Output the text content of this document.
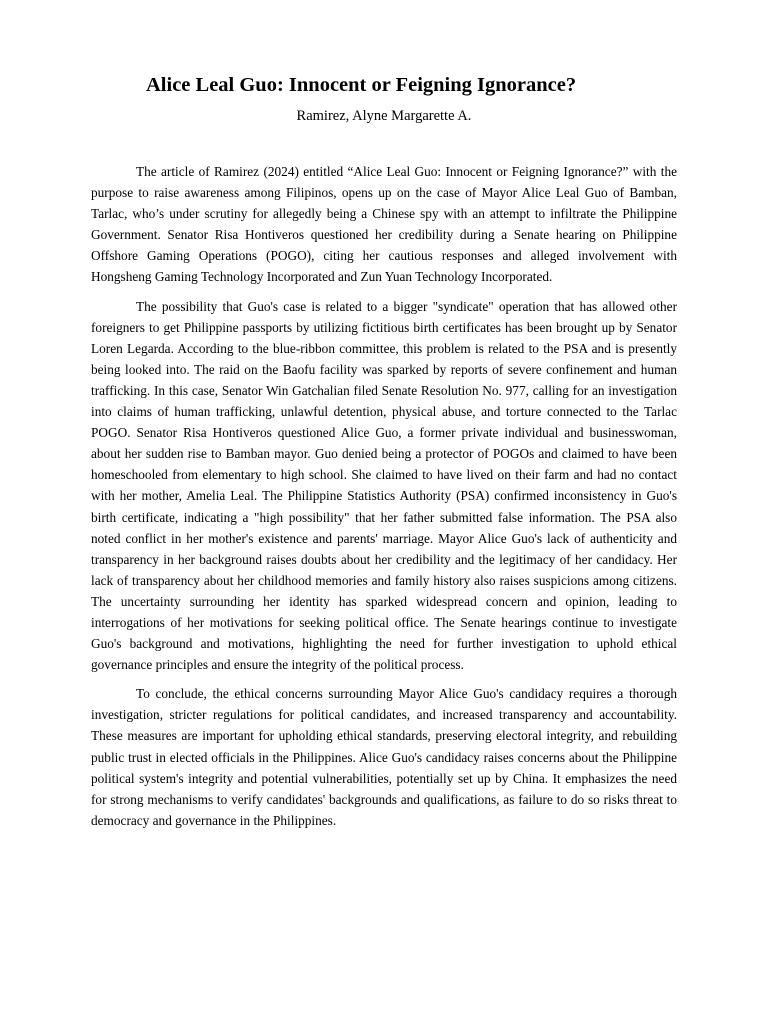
Alice Leal Guo: Innocent or Feigning Ignorance?
Ramirez, Alyne Margarette A.

The article of Ramirez (2024) entitled “Alice Leal Guo: Innocent or Feigning Ignorance?” with the purpose to raise awareness among Filipinos, opens up on the case of Mayor Alice Leal Guo of Bamban, Tarlac, who’s under scrutiny for allegedly being a Chinese spy with an attempt to infiltrate the Philippine Government. Senator Risa Hontiveros questioned her credibility during a Senate hearing on Philippine Offshore Gaming Operations (POGO), citing her cautious responses and alleged involvement with Hongsheng Gaming Technology Incorporated and Zun Yuan Technology Incorporated.

The possibility that Guo's case is related to a bigger "syndicate" operation that has allowed other foreigners to get Philippine passports by utilizing fictitious birth certificates has been brought up by Senator Loren Legarda. According to the blue-ribbon committee, this problem is related to the PSA and is presently being looked into. The raid on the Baofu facility was sparked by reports of severe confinement and human trafficking. In this case, Senator Win Gatchalian filed Senate Resolution No. 977, calling for an investigation into claims of human trafficking, unlawful detention, physical abuse, and torture connected to the Tarlac POGO. Senator Risa Hontiveros questioned Alice Guo, a former private individual and businesswoman, about her sudden rise to Bamban mayor. Guo denied being a protector of POGOs and claimed to have been homeschooled from elementary to high school. She claimed to have lived on their farm and had no contact with her mother, Amelia Leal. The Philippine Statistics Authority (PSA) confirmed inconsistency in Guo's birth certificate, indicating a "high possibility" that her father submitted false information. The PSA also noted conflict in her mother's existence and parents' marriage. Mayor Alice Guo's lack of authenticity and transparency in her background raises doubts about her credibility and the legitimacy of her candidacy. Her lack of transparency about her childhood memories and family history also raises suspicions among citizens. The uncertainty surrounding her identity has sparked widespread concern and opinion, leading to interrogations of her motivations for seeking political office. The Senate hearings continue to investigate Guo's background and motivations, highlighting the need for further investigation to uphold ethical governance principles and ensure the integrity of the political process.

To conclude, the ethical concerns surrounding Mayor Alice Guo's candidacy requires a thorough investigation, stricter regulations for political candidates, and increased transparency and accountability. These measures are important for upholding ethical standards, preserving electoral integrity, and rebuilding public trust in elected officials in the Philippines. Alice Guo's candidacy raises concerns about the Philippine political system's integrity and potential vulnerabilities, potentially set up by China. It emphasizes the need for strong mechanisms to verify candidates' backgrounds and qualifications, as failure to do so risks threat to democracy and governance in the Philippines.
